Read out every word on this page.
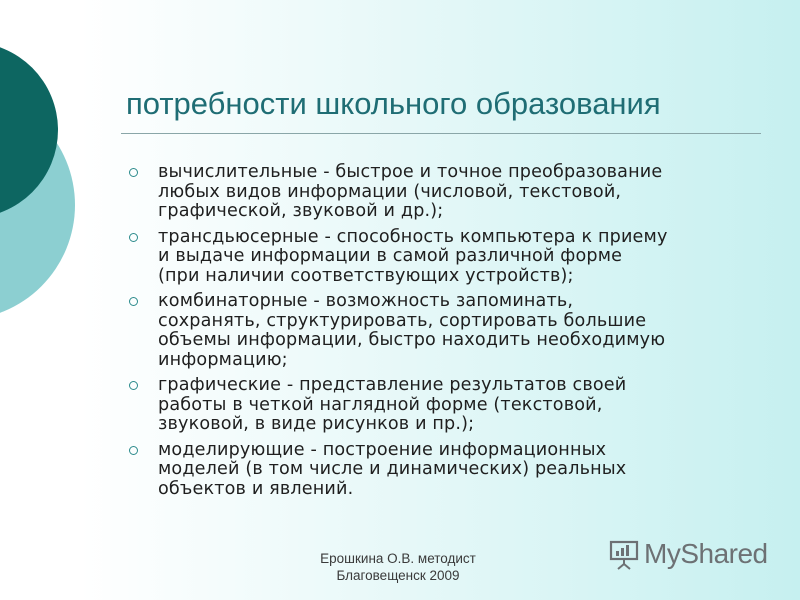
потребности школьного образования
вычислительные - быстрое и точное преобразование
любых видов информации (числовой, текстовой,
графической, звуковой и др.);
трансдьюсерные - способность компьютера к приему
и выдаче информации в самой различной форме
(при наличии соответствующих устройств);
комбинаторные - возможность запоминать,
сохранять, структурировать, сортировать большие
объемы информации, быстро находить необходимую
информацию;
графические - представление результатов своей
работы в четкой наглядной форме (текстовой,
звуковой, в виде рисунков и пр.);
моделирующие - построение информационных
моделей (в том числе и динамических) реальных
объектов и явлений.
Ерошкина О.В. методист
Благовещенск 2009
MyShared
